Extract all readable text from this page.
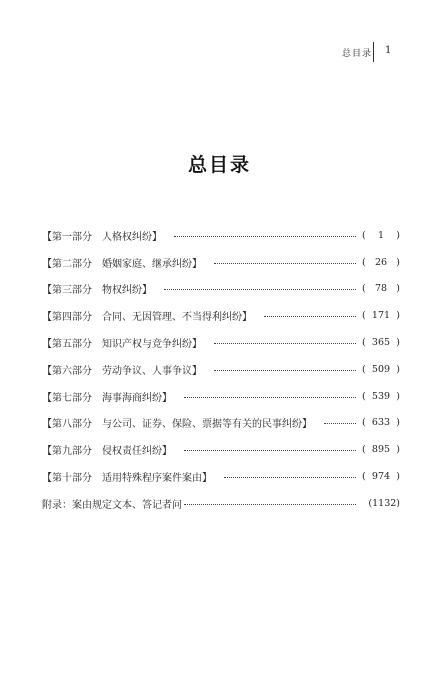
总目录 1
总目录
【第一部分 人格权纠纷 】	( 1 )
【第二部分 婚姻家庭、继承纠纷 】	( 26 )
【第三部分 物权纠纷 】	( 78 )
【第四部分 合同、无因管理、不当得利纠纷 】	( 171 )
【第五部分 知识产权与竞争纠纷 】	( 365 )
【第六部分 劳动争议、人事争议 】	( 509 )
【第七部分 海事海商纠纷 】	( 539 )
【第八部分 与公司、证券、保险、票据等有关的民事纠纷 】	( 633 )
【第九部分 侵权责任纠纷 】	( 895 )
【第十部分 适用特殊程序案件案由 】	( 974 )
附录：案由规定文本、答记者问	(1132)
